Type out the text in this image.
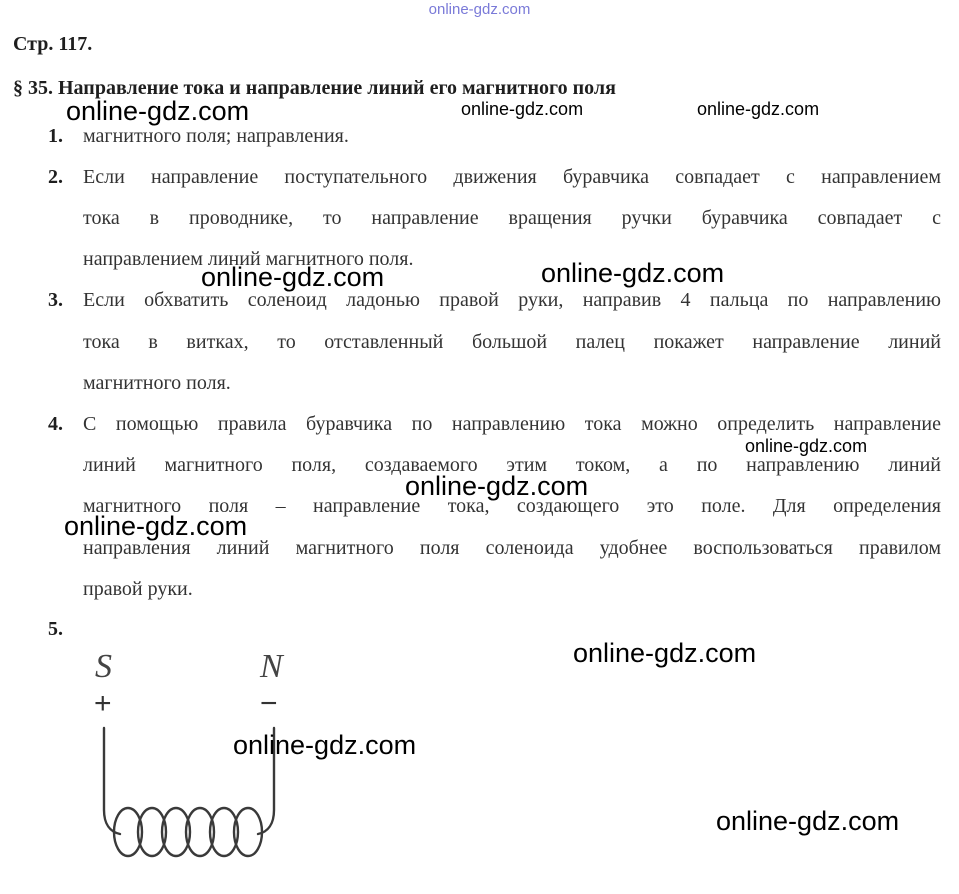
online-gdz.com
Стр. 117.
§ 35. Направление тока и направление линий его магнитного поля
1. магнитного поля; направления.
2. Если направление поступательного движения буравчика совпадает с направлением
тока в проводнике, то направление вращения ручки буравчика совпадает с
направлением линий магнитного поля.
3. Если обхватить соленоид ладонью правой руки, направив 4 пальца по направлению
тока в витках, то отставленный большой палец покажет направление линий
магнитного поля.
4. С помощью правила буравчика по направлению тока можно определить направление
линий магнитного поля, создаваемого этим током, а по направлению линий
магнитного поля – направление тока, создающего это поле. Для определения
направления линий магнитного поля соленоида удобнее воспользоваться правилом
правой руки.
5.
S	N
+	−
online-gdz.com	online-gdz.com	online-gdz.com
online-gdz.com	online-gdz.com
online-gdz.com
online-gdz.com
online-gdz.com
online-gdz.com
online-gdz.com
online-gdz.com
